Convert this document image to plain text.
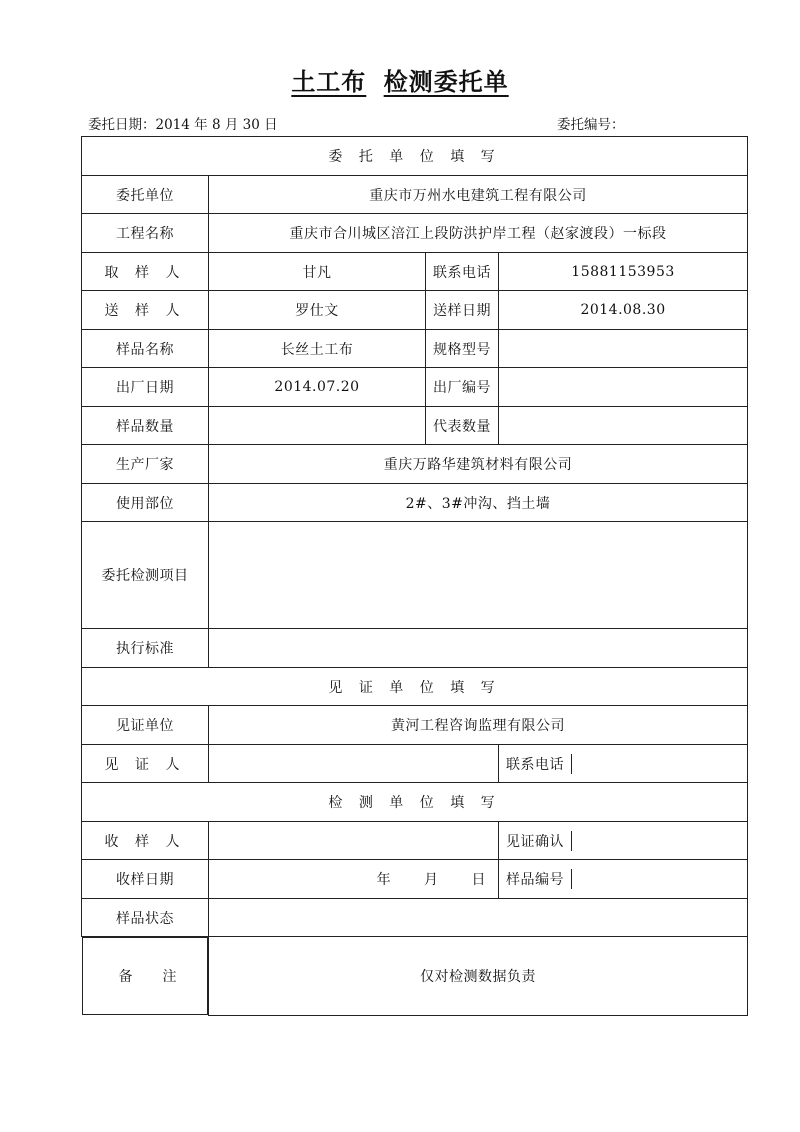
土工布 检测委托单
委托日期：2014 年 8 月 30 日	委托编号：
委 托 单 位 填 写			
委托单位	重庆市万州水电建筑工程有限公司		
工程名称	重庆市合川城区涪江上段防洪护岸工程（赵家渡段）一标段		
取 样 人	甘凡	联系电话	15881153953
送 样 人	罗仕文	送样日期	2014.08.30
样品名称	长丝土工布	规格型号	
出厂日期	2014.07.20	出厂编号	
样品数量		代表数量	
生产厂家	重庆万路华建筑材料有限公司		
使用部位	2#、3#冲沟、挡土墙		
委托检测项目			
执行标准			
见 证 单 位 填 写			
见证单位	黄河工程咨询监理有限公司		
见 证 人			联系电话

检 测 单 位 填 写			
收 样 人			见证确认

收样日期	年 月 日		样品编号

样品状态			

备 注	仅对检测数据负责		
